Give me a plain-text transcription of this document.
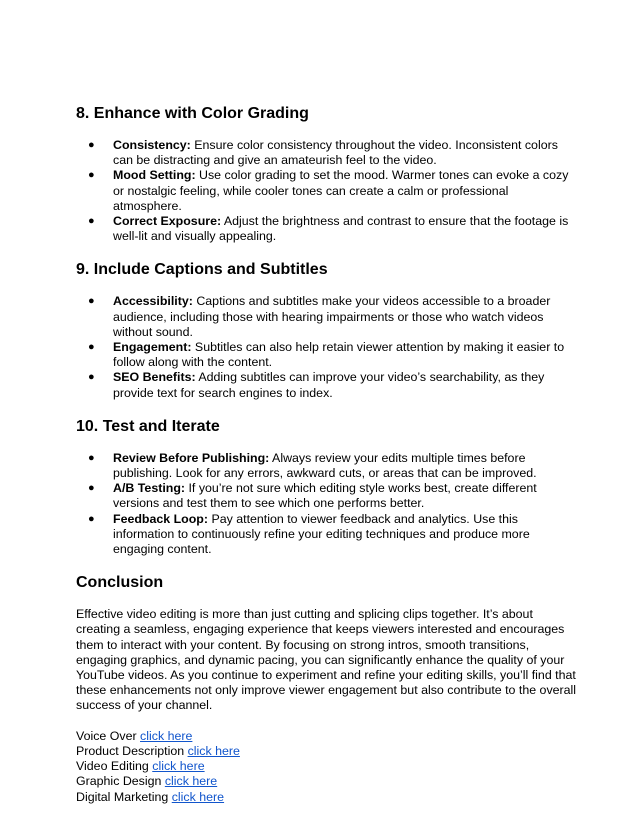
8. Enhance with Color Grading
● Consistency: Ensure color consistency throughout the video. Inconsistent colors can be distracting and give an amateurish feel to the video.
● Mood Setting: Use color grading to set the mood. Warmer tones can evoke a cozy or nostalgic feeling, while cooler tones can create a calm or professional atmosphere.
● Correct Exposure: Adjust the brightness and contrast to ensure that the footage is well-lit and visually appealing.
9. Include Captions and Subtitles
● Accessibility: Captions and subtitles make your videos accessible to a broader audience, including those with hearing impairments or those who watch videos without sound.
● Engagement: Subtitles can also help retain viewer attention by making it easier to follow along with the content.
● SEO Benefits: Adding subtitles can improve your video’s searchability, as they provide text for search engines to index.
10. Test and Iterate
● Review Before Publishing: Always review your edits multiple times before publishing. Look for any errors, awkward cuts, or areas that can be improved.
● A/B Testing: If you’re not sure which editing style works best, create different versions and test them to see which one performs better.
● Feedback Loop: Pay attention to viewer feedback and analytics. Use this information to continuously refine your editing techniques and produce more engaging content.
Conclusion

Effective video editing is more than just cutting and splicing clips together. It’s about creating a seamless, engaging experience that keeps viewers interested and encourages them to interact with your content. By focusing on strong intros, smooth transitions, engaging graphics, and dynamic pacing, you can significantly enhance the quality of your YouTube videos. As you continue to experiment and refine your editing skills, you’ll find that these enhancements not only improve viewer engagement but also contribute to the overall success of your channel.

Voice Over click here
Product Description click here
Video Editing click here
Graphic Design click here
Digital Marketing click here
